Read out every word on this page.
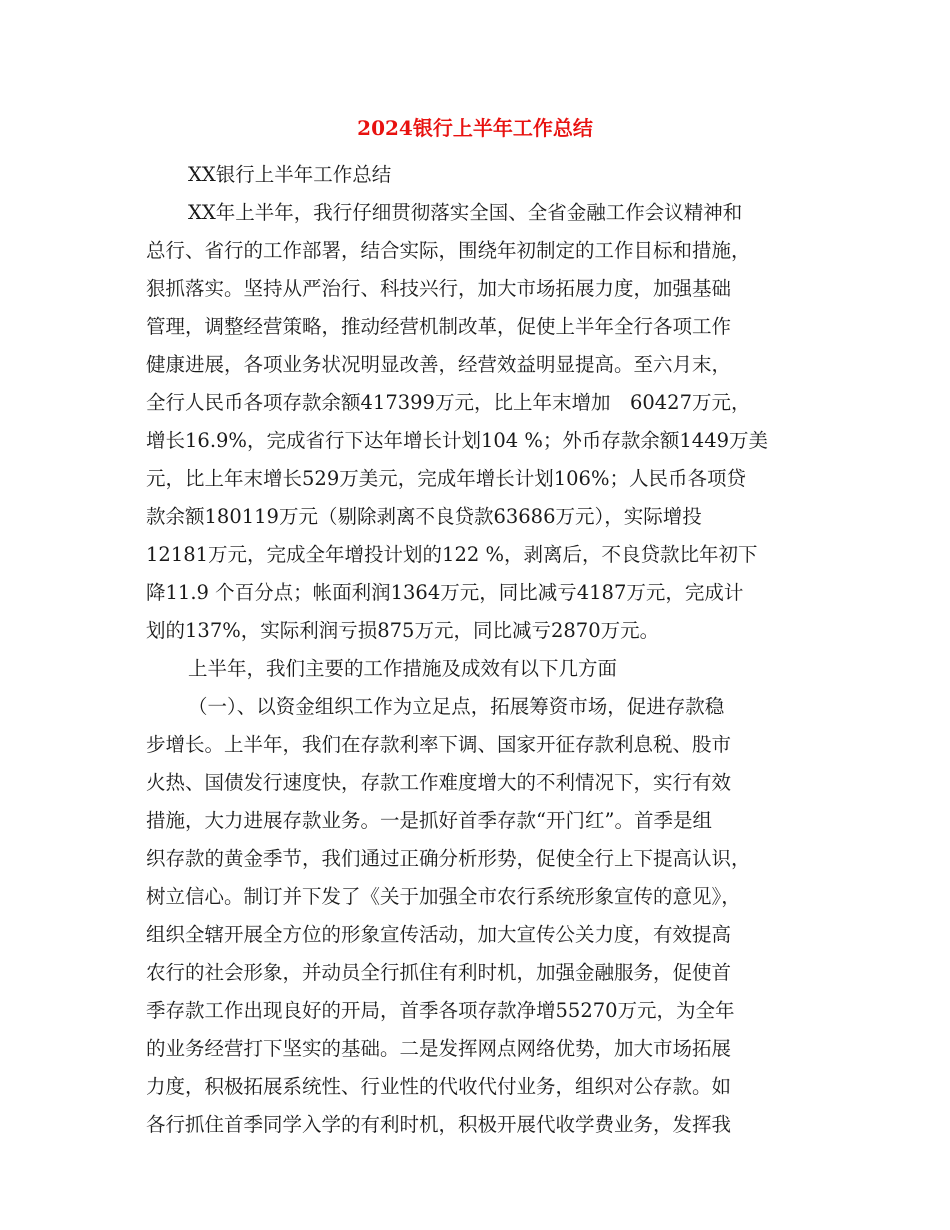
2024银行上半年工作总结
XX银行上半年工作总结
XX年上半年，我行仔细贯彻落实全国、全省金融工作会议精神和
总行、省行的工作部署，结合实际，围绕年初制定的工作目标和措施，
狠抓落实。坚持从严治行、科技兴行，加大市场拓展力度，加强基础
管理，调整经营策略，推动经营机制改革，促使上半年全行各项工作
健康进展，各项业务状况明显改善，经营效益明显提高。至六月末，
全行人民币各项存款余额417399万元，比上年末增加　60427万元，
增长16.9%，完成省行下达年增长计划104 %；外币存款余额1449万美
元，比上年末增长529万美元，完成年增长计划106%；人民币各项贷
款余额180119万元（剔除剥离不良贷款63686万元），实际增投
12181万元，完成全年增投计划的122 %，剥离后，不良贷款比年初下
降11.9 个百分点；帐面利润1364万元，同比减亏4187万元，完成计
划的137%，实际利润亏损875万元，同比减亏2870万元。
上半年，我们主要的工作措施及成效有以下几方面
（一）、以资金组织工作为立足点，拓展筹资市场，促进存款稳
步增长。上半年，我们在存款利率下调、国家开征存款利息税、股市
火热、国债发行速度快，存款工作难度增大的不利情况下，实行有效
措施，大力进展存款业务。一是抓好首季存款“开门红”。首季是组
织存款的黄金季节，我们通过正确分析形势，促使全行上下提高认识，
树立信心。制订并下发了《关于加强全市农行系统形象宣传的意见》，
组织全辖开展全方位的形象宣传活动，加大宣传公关力度，有效提高
农行的社会形象，并动员全行抓住有利时机，加强金融服务，促使首
季存款工作出现良好的开局，首季各项存款净增55270万元，为全年
的业务经营打下坚实的基础。二是发挥网点网络优势，加大市场拓展
力度，积极拓展系统性、行业性的代收代付业务，组织对公存款。如
各行抓住首季同学入学的有利时机，积极开展代收学费业务，发挥我
